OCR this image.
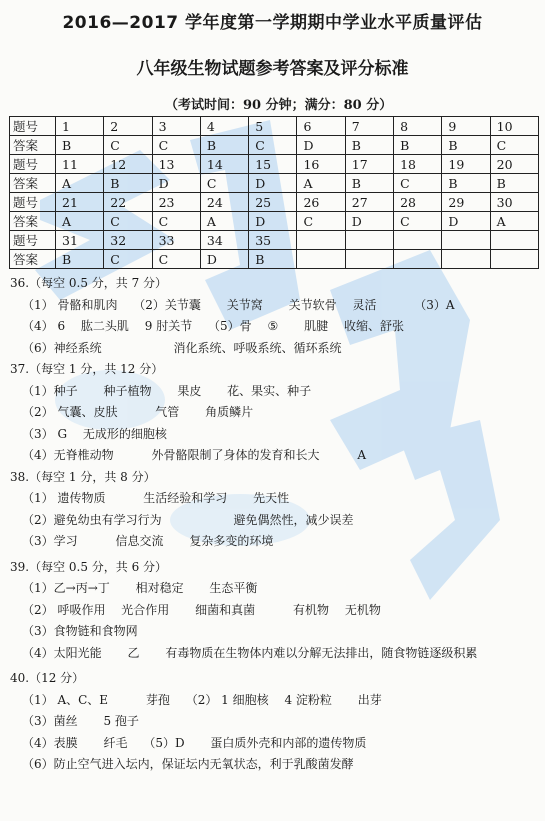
2016—2017 学年度第一学期期中学业水平质量评估
八年级生物试题参考答案及评分标准
（考试时间：90 分钟；满分：80 分）
题号	1	2	3	4	5	6	7	8	9	10
答案	B	C	C	B	C	D	B	B	B	C
题号	11	12	13	14	15	16	17	18	19	20
答案	A	B	D	C	D	A	B	C	B	B
题号	21	22	23	24	25	26	27	28	29	30
答案	A	C	C	A	D	C	D	C	D	A
题号	31	32	33	34	35					
答案	B	C	C	D	B					
36.（每空 0.5 分，共 7 分）
（1） 骨骼和肌肉 （2）关节囊 关节窝 关节软骨 灵活	（3）A
（4） 6 肱二头肌 9 肘关节 （5）骨 ⑤ 肌腱 收缩、舒张
（6）神经系统	消化系统、呼吸系统、循环系统
37.（每空 1 分，共 12 分）
（1）种子 种子植物 果皮 花、果实、种子
（2） 气囊、皮肤	气管 角质鳞片
（3） G 无成形的细胞核
（4）无脊椎动物	外骨骼限制了身体的发育和长大	A
38.（每空 1 分，共 8 分）
（1） 遗传物质	生活经验和学习 先天性
（2）避免幼虫有学习行为	避免偶然性，减少误差
（3）学习	信息交流 复杂多变的环境
39.（每空 0.5 分，共 6 分）
（1）乙→丙→丁 相对稳定 生态平衡
（2） 呼吸作用 光合作用 细菌和真菌	有机物 无机物
（3）食物链和食物网
（4）太阳光能 乙 有毒物质在生物体内难以分解无法排出，随食物链逐级积累
40.（12 分）
（1） A、C、E	芽孢 （2） 1 细胞核 4 淀粉粒 出芽
（3）菌丝 5 孢子
（4）表膜 纤毛 （5）D 蛋白质外壳和内部的遗传物质
（6）防止空气进入坛内，保证坛内无氧状态，利于乳酸菌发酵
